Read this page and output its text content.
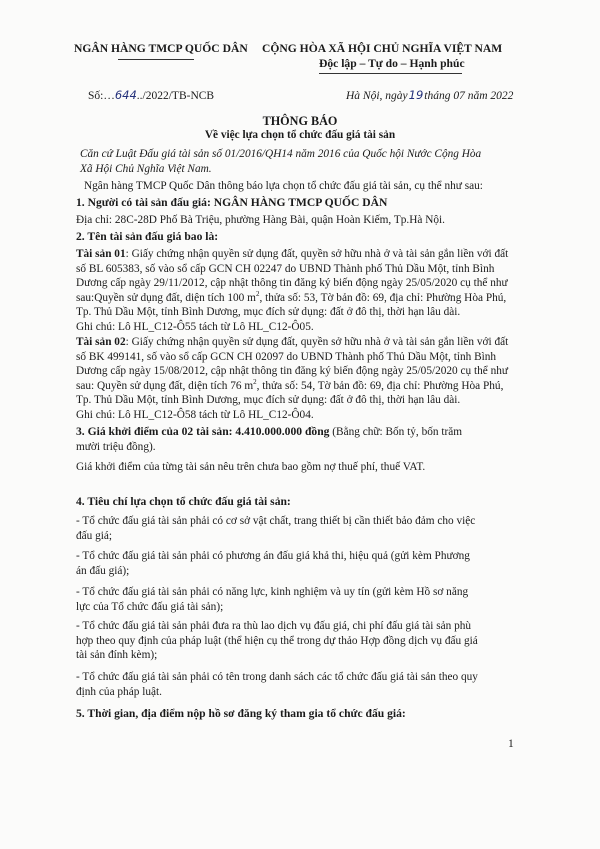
NGÂN HÀNG TMCP QUỐC DÂN CỘNG HÒA XÃ HỘI CHỦ NGHĨA VIỆT NAM
Độc lập – Tự do – Hạnh phúc
Số:…644../2022/TB-NCB	Hà Nội, ngày19tháng 07 năm 2022
THÔNG BÁO
Về việc lựa chọn tổ chức đấu giá tài sản

Căn cứ Luật Đấu giá tài sản số 01/2016/QH14 năm 2016 của Quốc hội Nước Cộng Hòa

Xã Hội Chủ Nghĩa Việt Nam.

Ngân hàng TMCP Quốc Dân thông báo lựa chọn tổ chức đấu giá tài sản, cụ thể như sau:
1. Người có tài sản đấu giá: NGÂN HÀNG TMCP QUỐC DÂN
Địa chỉ: 28C-28D Phố Bà Triệu, phường Hàng Bài, quận Hoàn Kiếm, Tp.Hà Nội.
2. Tên tài sản đấu giá bao là:

Tài sản 01: Giấy chứng nhận quyền sử dụng đất, quyền sở hữu nhà ở và tài sản gắn liền với đất

số BL 605383, số vào sổ cấp GCN CH 02247 do UBND Thành phố Thủ Dầu Một, tỉnh Bình

Dương cấp ngày 29/11/2012, cập nhật thông tin đăng ký biến động ngày 25/05/2020 cụ thể như

sau:Quyền sử dụng đất, diện tích 100 $m^2$, thửa số: 53, Tờ bản đồ: 69, địa chỉ: Phường Hòa Phú,

Tp. Thủ Dầu Một, tỉnh Bình Dương, mục đích sử dụng: đất ở đô thị, thời hạn lâu dài.

Ghi chú: Lô HL_C12-Ô55 tách từ Lô HL_C12-Ô05.

Tài sản 02: Giấy chứng nhận quyền sử dụng đất, quyền sở hữu nhà ở và tài sản gắn liền với đất

số BK 499141, số vào sổ cấp GCN CH 02097 do UBND Thành phố Thủ Dầu Một, tỉnh Bình

Dương cấp ngày 15/08/2012, cập nhật thông tin đăng ký biến động ngày 25/05/2020 cụ thể như

sau: Quyền sử dụng đất, diện tích 76 $m^2$, thửa số: 54, Tờ bản đồ: 69, địa chỉ: Phường Hòa Phú,

Tp. Thủ Dầu Một, tỉnh Bình Dương, mục đích sử dụng: đất ở đô thị, thời hạn lâu dài.

Ghi chú: Lô HL_C12-Ô58 tách từ Lô HL_C12-Ô04.

3. Giá khởi điểm của 02 tài sản: 4.410.000.000 đồng (Bằng chữ: Bốn tỷ, bốn trăm

mười triệu đồng).

Giá khởi điểm của từng tài sản nêu trên chưa bao gồm nợ thuế phí, thuế VAT.
4. Tiêu chí lựa chọn tổ chức đấu giá tài sản:

- Tổ chức đấu giá tài sản phải có cơ sở vật chất, trang thiết bị cần thiết bảo đảm cho việc

đấu giá;

- Tổ chức đấu giá tài sản phải có phương án đấu giá khả thi, hiệu quả (gửi kèm Phương

án đấu giá);

- Tổ chức đấu giá tài sản phải có năng lực, kinh nghiệm và uy tín (gửi kèm Hồ sơ năng

lực của Tổ chức đấu giá tài sản);

- Tổ chức đấu giá tài sản phải đưa ra thù lao dịch vụ đấu giá, chi phí đấu giá tài sản phù

hợp theo quy định của pháp luật (thể hiện cụ thể trong dự thảo Hợp đồng dịch vụ đấu giá

tài sản đính kèm);

- Tổ chức đấu giá tài sản phải có tên trong danh sách các tổ chức đấu giá tài sản theo quy

định của pháp luật.

5. Thời gian, địa điểm nộp hồ sơ đăng ký tham gia tổ chức đấu giá:
1
